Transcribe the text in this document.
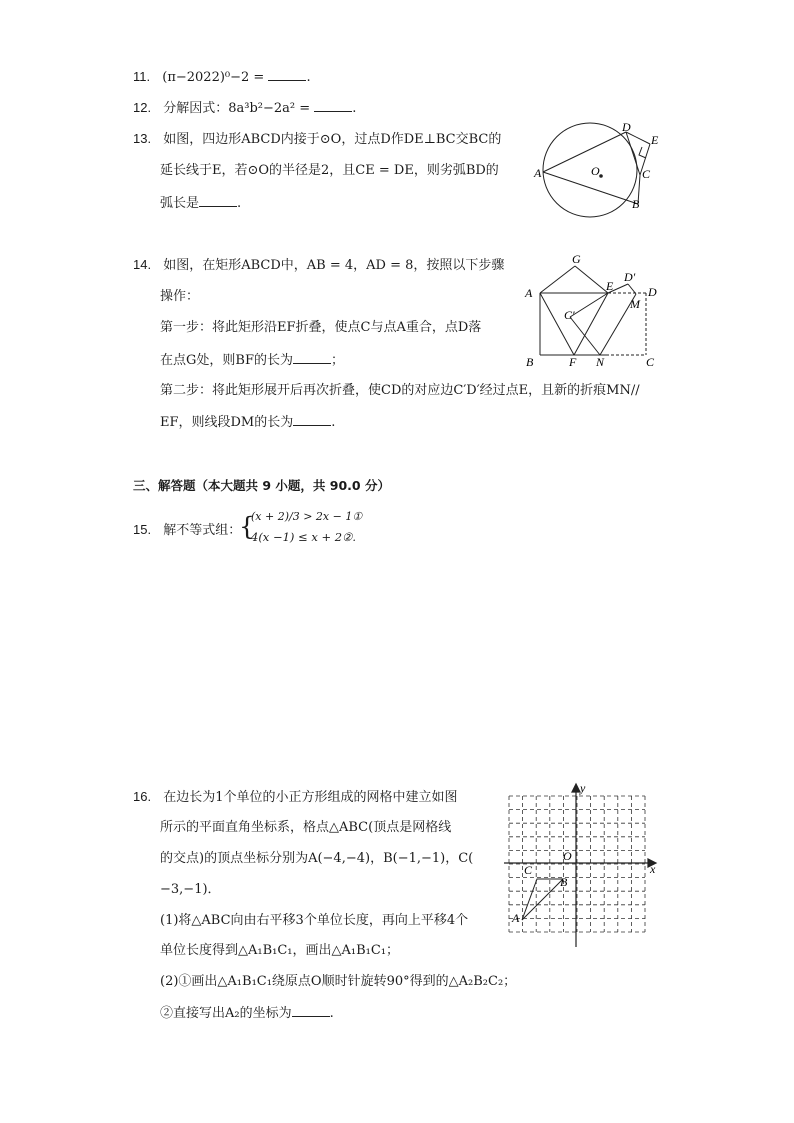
11. (π−2022)⁰−2 =	.
12. 分解因式：8a³b²−2a² =	.
13. 如图，四边形ABCD内接于⊙O，过点D作DE⊥BC交BC的
延长线于E，若⊙O的半径是2，且CE = DE，则劣弧BD的
弧长是	.
A
D
E
C
B
O
14. 如图，在矩形ABCD中，AB = 4，AD = 8，按照以下步骤
操作：
第一步：将此矩形沿EF折叠，使点C与点A重合，点D落
在点G处，则BF的长为	；
第二步：将此矩形展开后再次折叠，使CD的对应边C′D′经过点E，且新的折痕MN//
EF，则线段DM的长为	.
A
G
E
D′
D
M
C′
B	F N	C
三、解答题（本大题共 9 小题，共 90.0 分）
15. 解不等式组：
{
(x + 2)/3 > 2x − 1①
4(x −1) ≤ x + 2②.
16. 在边长为1个单位的小正方形组成的网格中建立如图
所示的平面直角坐标系，格点△ABC(顶点是网格线
的交点)的顶点坐标分别为A(−4,−4)，B(−1,−1)，C(
−3,−1)．
(1)将△ABC向由右平移3个单位长度，再向上平移4个
单位长度得到△A₁B₁C₁，画出△A₁B₁C₁；
(2)①画出△A₁B₁C₁绕原点O顺时针旋转90°得到的△A₂B₂C₂；
②直接写出A₂的坐标为	.
y
x
O
A
B
C
